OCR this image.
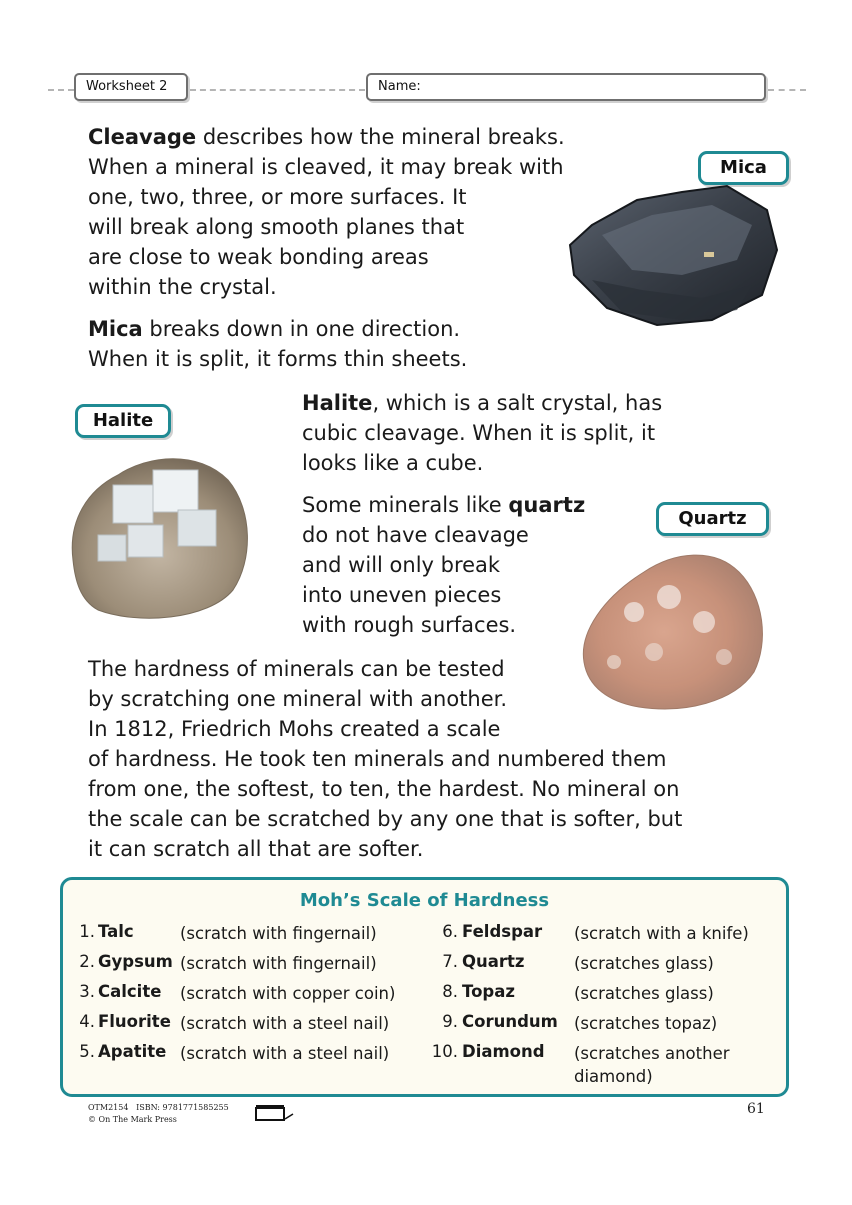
Worksheet 2	Name:
Cleavage describes how the mineral breaks.
When a mineral is cleaved, it may break with
one, two, three, or more surfaces. It
will break along smooth planes that
are close to weak bonding areas
within the crystal.
Mica breaks down in one direction.
When it is split, it forms thin sheets.
Mica
Halite
Halite, which is a salt crystal, has
cubic cleavage. When it is split, it
looks like a cube.
Some minerals like quartz
do not have cleavage
and will only break
into uneven pieces
with rough surfaces.
Quartz
The hardness of minerals can be tested
by scratching one mineral with another.
In 1812, Friedrich Mohs created a scale
of hardness. He took ten minerals and numbered them
from one, the softest, to ten, the hardest. No mineral on
the scale can be scratched by any one that is softer, but
it can scratch all that are softer.
Moh’s Scale of Hardness
1. Talc	(scratch with fingernail)
2. Gypsum (scratch with fingernail)
3. Calcite (scratch with copper coin)
4. Fluorite (scratch with a steel nail)
5. Apatite (scratch with a steel nail)
6. Feldspar (scratch with a knife)
7. Quartz	(scratches glass)
8. Topaz	(scratches glass)
9. Corundum (scratches topaz)
10. Diamond (scratches another
diamond)
OTM2154   ISBN: 9781771585255
© On The Mark Press
61
